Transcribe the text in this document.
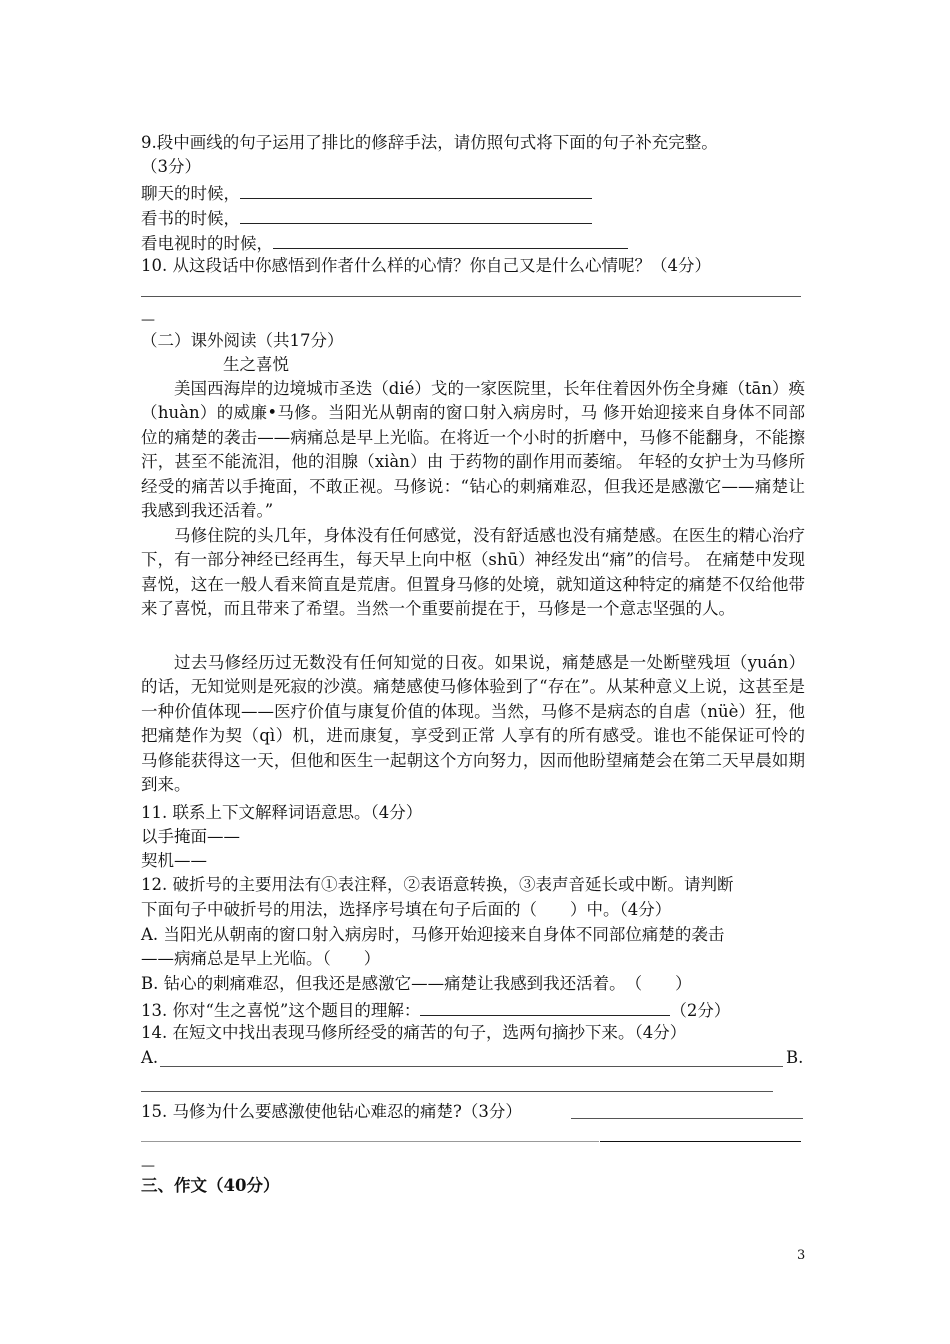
9.段中画线的句子运用了排比的修辞手法，请仿照句式将下面的句子补充完整。
（3分）
聊天的时候，
看书的时候，
看电视时的时候，
10. 从这段话中你感悟到作者什么样的心情？你自己又是什么心情呢？（4分）
—
（二）课外阅读（共17分）
生之喜悦
美国西海岸的边境城市圣迭（dié）戈的一家医院里，长年住着因外伤全身瘫（tān）痪（huàn）的威廉•马修。当阳光从朝南的窗口射入病房时，马 修开始迎接来自身体不同部位的痛楚的袭击——病痛总是早上光临。在将近一个小时的折磨中，马修不能翻身，不能擦汗，甚至不能流泪，他的泪腺（xiàn）由 于药物的副作用而萎缩。 年轻的女护士为马修所经受的痛苦以手掩面，不敢正视。马修说：“钻心的刺痛难忍，但我还是感激它——痛楚让我感到我还活着。”
马修住院的头几年，身体没有任何感觉，没有舒适感也没有痛楚感。在医生的精心治疗下，有一部分神经已经再生，每天早上向中枢（shū）神经发出“痛”的信号。 在痛楚中发现喜悦，这在一般人看来简直是荒唐。但置身马修的处境，就知道这种特定的痛楚不仅给他带来了喜悦，而且带来了希望。当然一个重要前提在于，马修是一个意志坚强的人。
过去马修经历过无数没有任何知觉的日夜。如果说，痛楚感是一处断壁残垣（yuán）的话，无知觉则是死寂的沙漠。痛楚感使马修体验到了“存在”。从某种意义上说，这甚至是一种价值体现——医疗价值与康复价值的体现。当然，马修不是病态的自虐（nüè）狂，他把痛楚作为契（qì）机，进而康复，享受到正常 人享有的所有感受。谁也不能保证可怜的马修能获得这一天，但他和医生一起朝这个方向努力，因而他盼望痛楚会在第二天早晨如期到来。
11. 联系上下文解释词语意思。（4分）
以手掩面——
契机——
12. 破折号的主要用法有①表注释，②表语意转换，③表声音延长或中断。请判断
下面句子中破折号的用法，选择序号填在句子后面的（　　）中。（4分）
A. 当阳光从朝南的窗口射入病房时，马修开始迎接来自身体不同部位痛楚的袭击
——病痛总是早上光临。（　　）
B. 钻心的刺痛难忍，但我还是感激它——痛楚让我感到我还活着。　（　　）
13. 你对“生之喜悦”这个题目的理解：	（2分）
14. 在短文中找出表现马修所经受的痛苦的句子，选两句摘抄下来。（4分）
A.	B.
15. 马修为什么要感激使他钻心难忍的痛楚?（3分）
—
三、作文（40分）
3
